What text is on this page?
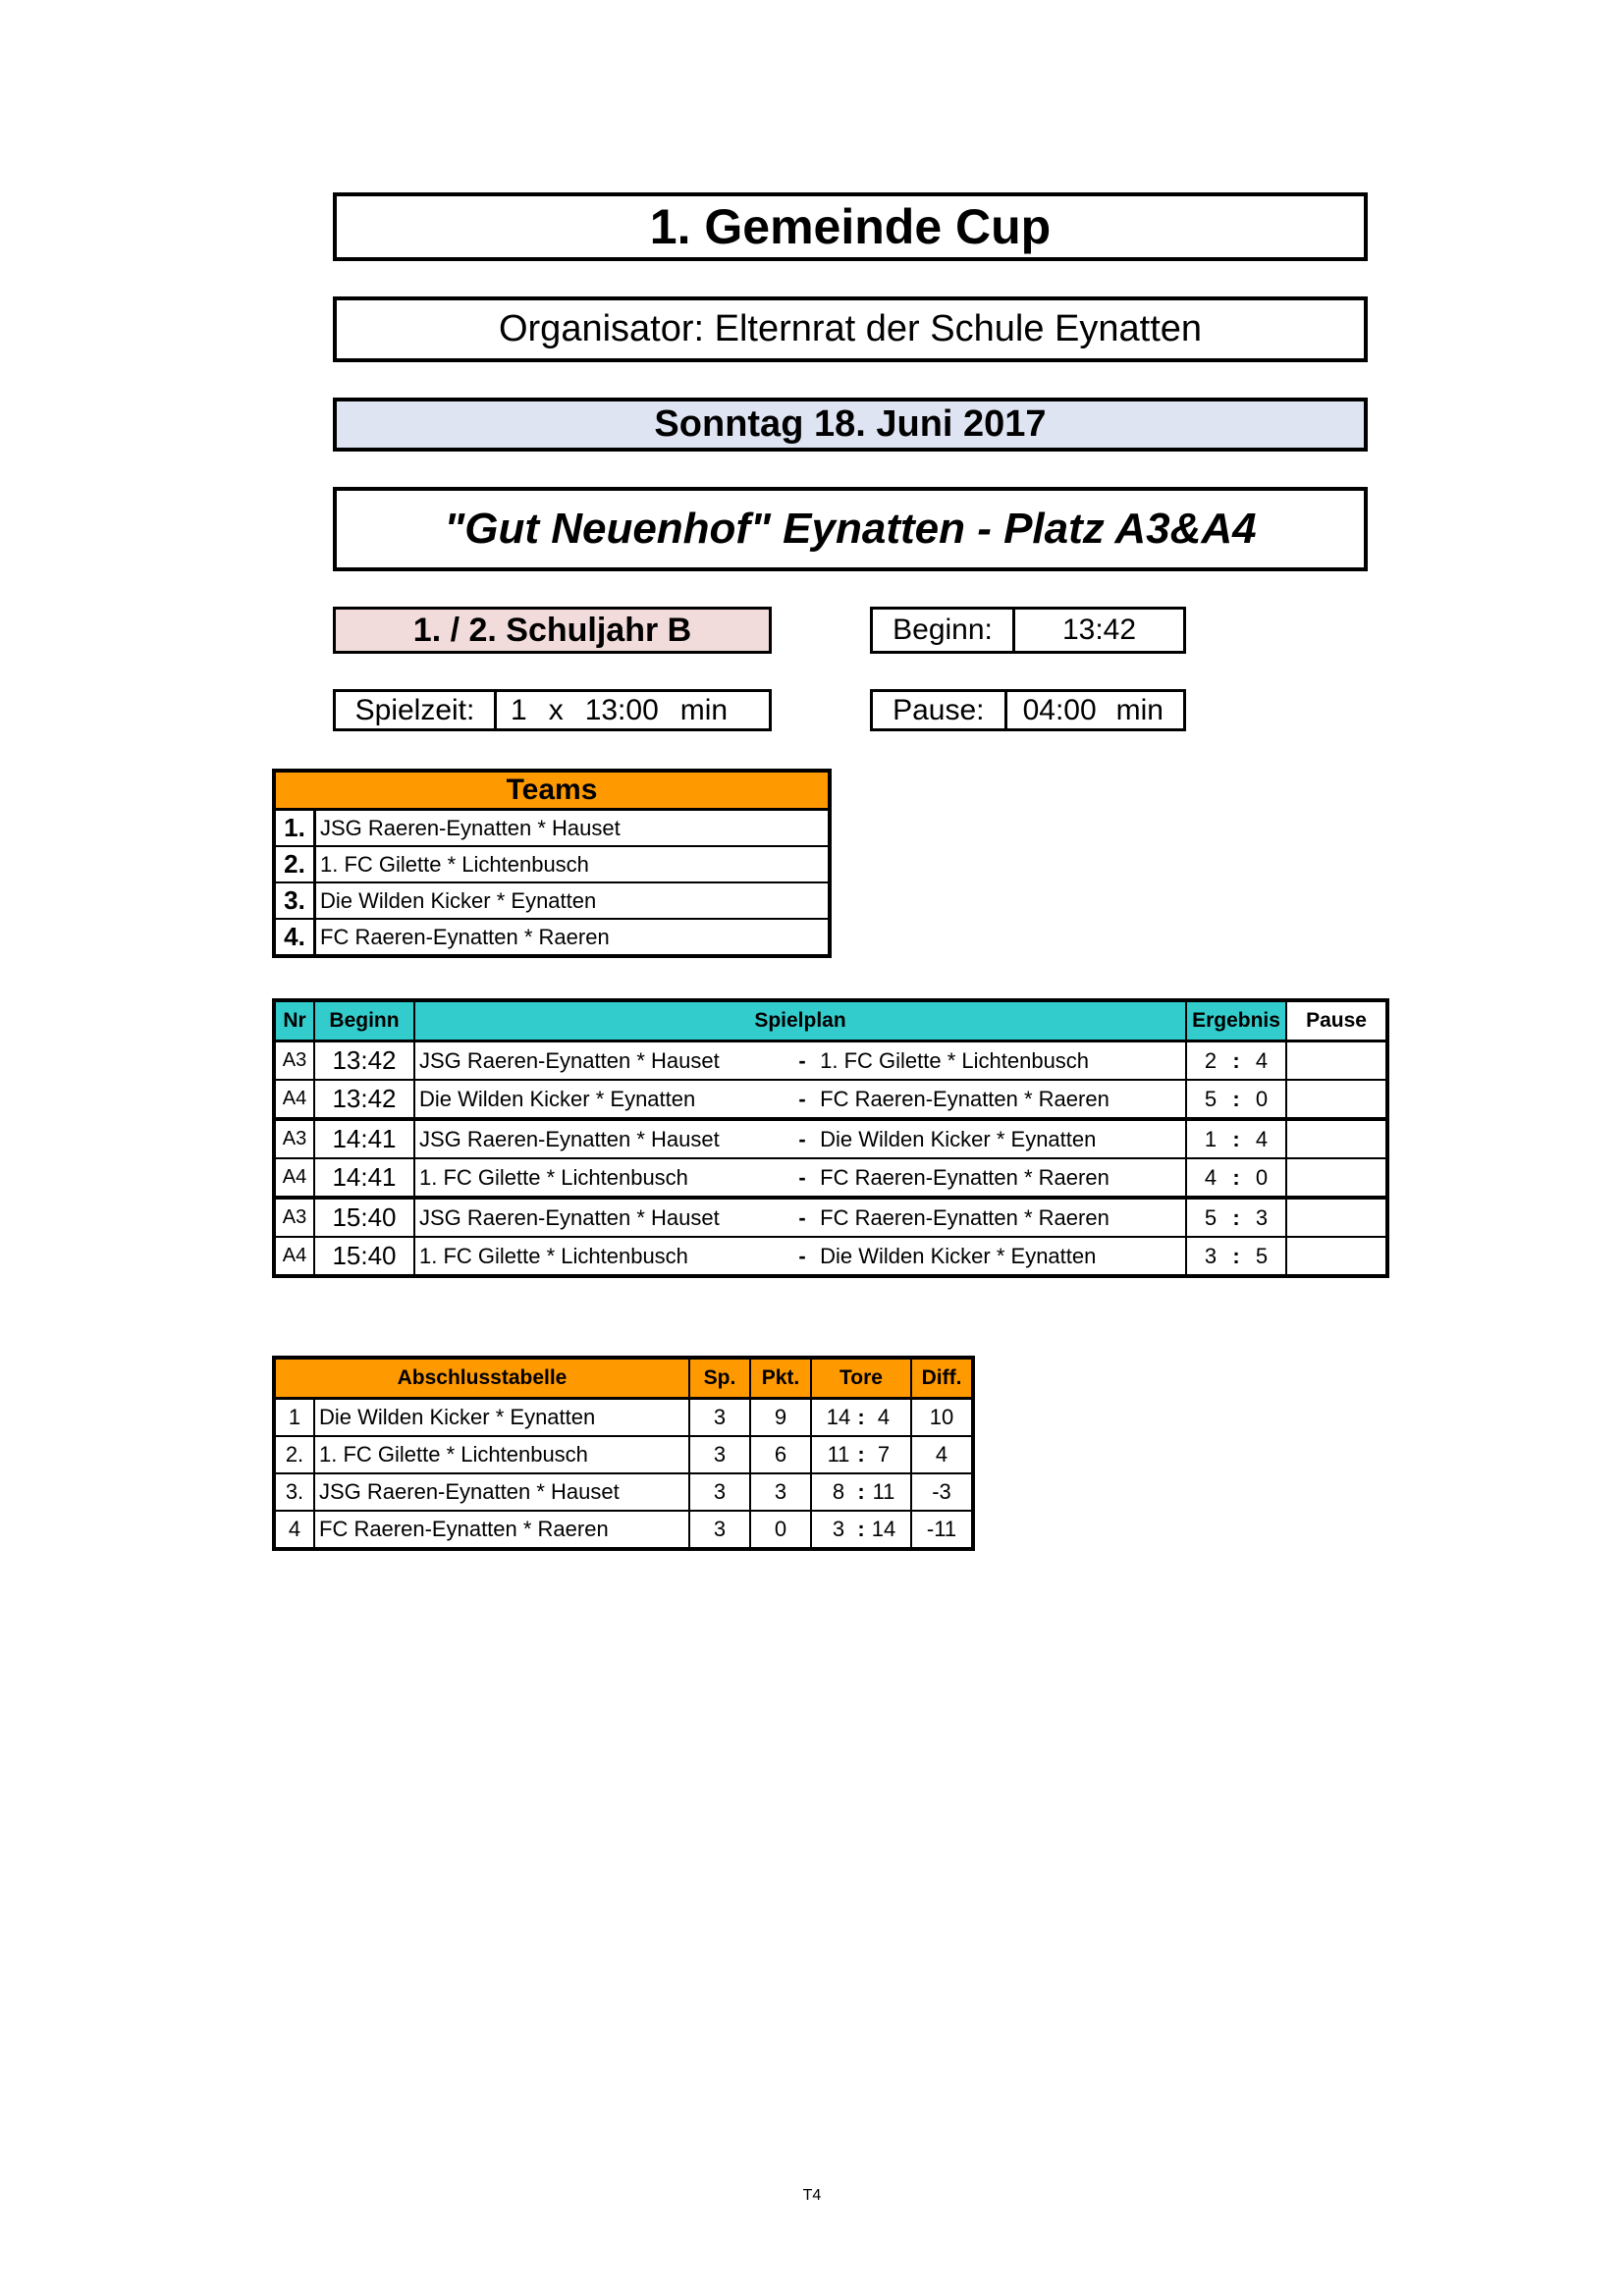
1. Gemeinde Cup
Organisator: Elternrat der Schule Eynatten
Sonntag 18. Juni 2017
"Gut Neuenhof" Eynatten - Platz A3&A4
1. / 2. Schuljahr B	Beginn:	13:42
Spielzeit:	1 x 13:00 min	Pause:	04:00 min
Teams	
1.	JSG Raeren-Eynatten * Hauset
2.	1. FC Gilette * Lichtenbusch
3.	Die Wilden Kicker * Eynatten
4.	FC Raeren-Eynatten * Raeren
Nr	Beginn	Spielplan	Ergebnis	Pause
A3	13:42	JSG Raeren-Eynatten * Hauset - 1. FC Gilette * Lichtenbusch	2 : 4	
A4	13:42	Die Wilden Kicker * Eynatten - FC Raeren-Eynatten * Raeren	5 : 0	
A3	14:41	JSG Raeren-Eynatten * Hauset - Die Wilden Kicker * Eynatten	1 : 4	
A4	14:41	1. FC Gilette * Lichtenbusch - FC Raeren-Eynatten * Raeren	4 : 0	
A3	15:40	JSG Raeren-Eynatten * Hauset - FC Raeren-Eynatten * Raeren	5 : 3	
A4	15:40	1. FC Gilette * Lichtenbusch - Die Wilden Kicker * Eynatten	3 : 5	
Abschlusstabelle		Sp.	Pkt.	Tore	Diff.
1	Die Wilden Kicker * Eynatten	3	9	14 : 4	10
2.	1. FC Gilette * Lichtenbusch	3	6	11 : 7	4
3.	JSG Raeren-Eynatten * Hauset	3	3	8 : 11	-3
4	FC Raeren-Eynatten * Raeren	3	0	3 : 14	-11
T4
